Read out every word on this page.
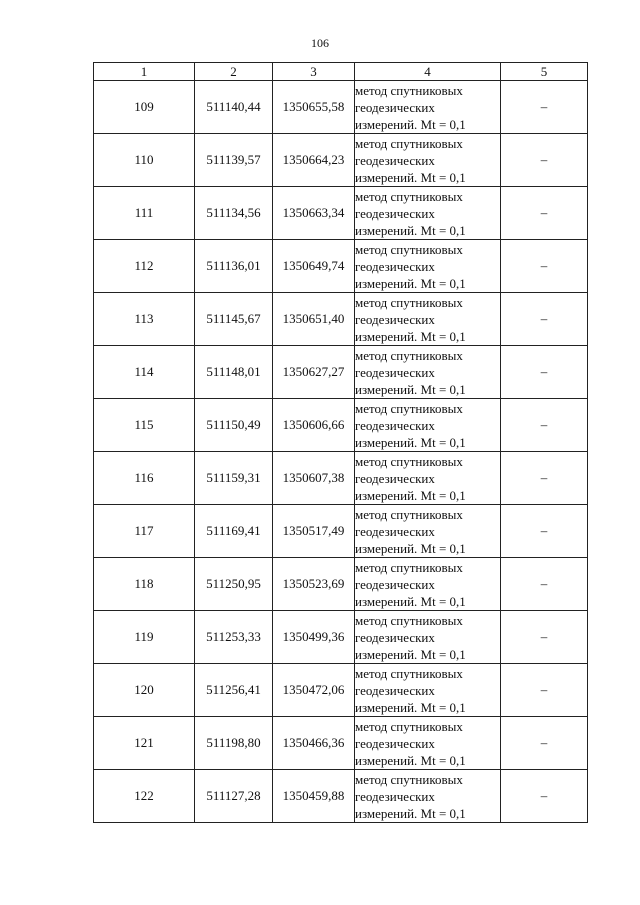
106
1	2	3	4	5
109	511140,44	1350655,58	метод спутниковых
геодезических
измерений. Mt = 0,1	–
110	511139,57	1350664,23	метод спутниковых
геодезических
измерений. Mt = 0,1	–
111	511134,56	1350663,34	метод спутниковых
геодезических
измерений. Mt = 0,1	–
112	511136,01	1350649,74	метод спутниковых
геодезических
измерений. Mt = 0,1	–
113	511145,67	1350651,40	метод спутниковых
геодезических
измерений. Mt = 0,1	–
114	511148,01	1350627,27	метод спутниковых
геодезических
измерений. Mt = 0,1	–
115	511150,49	1350606,66	метод спутниковых
геодезических
измерений. Mt = 0,1	–
116	511159,31	1350607,38	метод спутниковых
геодезических
измерений. Mt = 0,1	–
117	511169,41	1350517,49	метод спутниковых
геодезических
измерений. Mt = 0,1	–
118	511250,95	1350523,69	метод спутниковых
геодезических
измерений. Mt = 0,1	–
119	511253,33	1350499,36	метод спутниковых
геодезических
измерений. Mt = 0,1	–
120	511256,41	1350472,06	метод спутниковых
геодезических
измерений. Mt = 0,1	–
121	511198,80	1350466,36	метод спутниковых
геодезических
измерений. Mt = 0,1	–
122	511127,28	1350459,88	метод спутниковых
геодезических
измерений. Mt = 0,1	–
